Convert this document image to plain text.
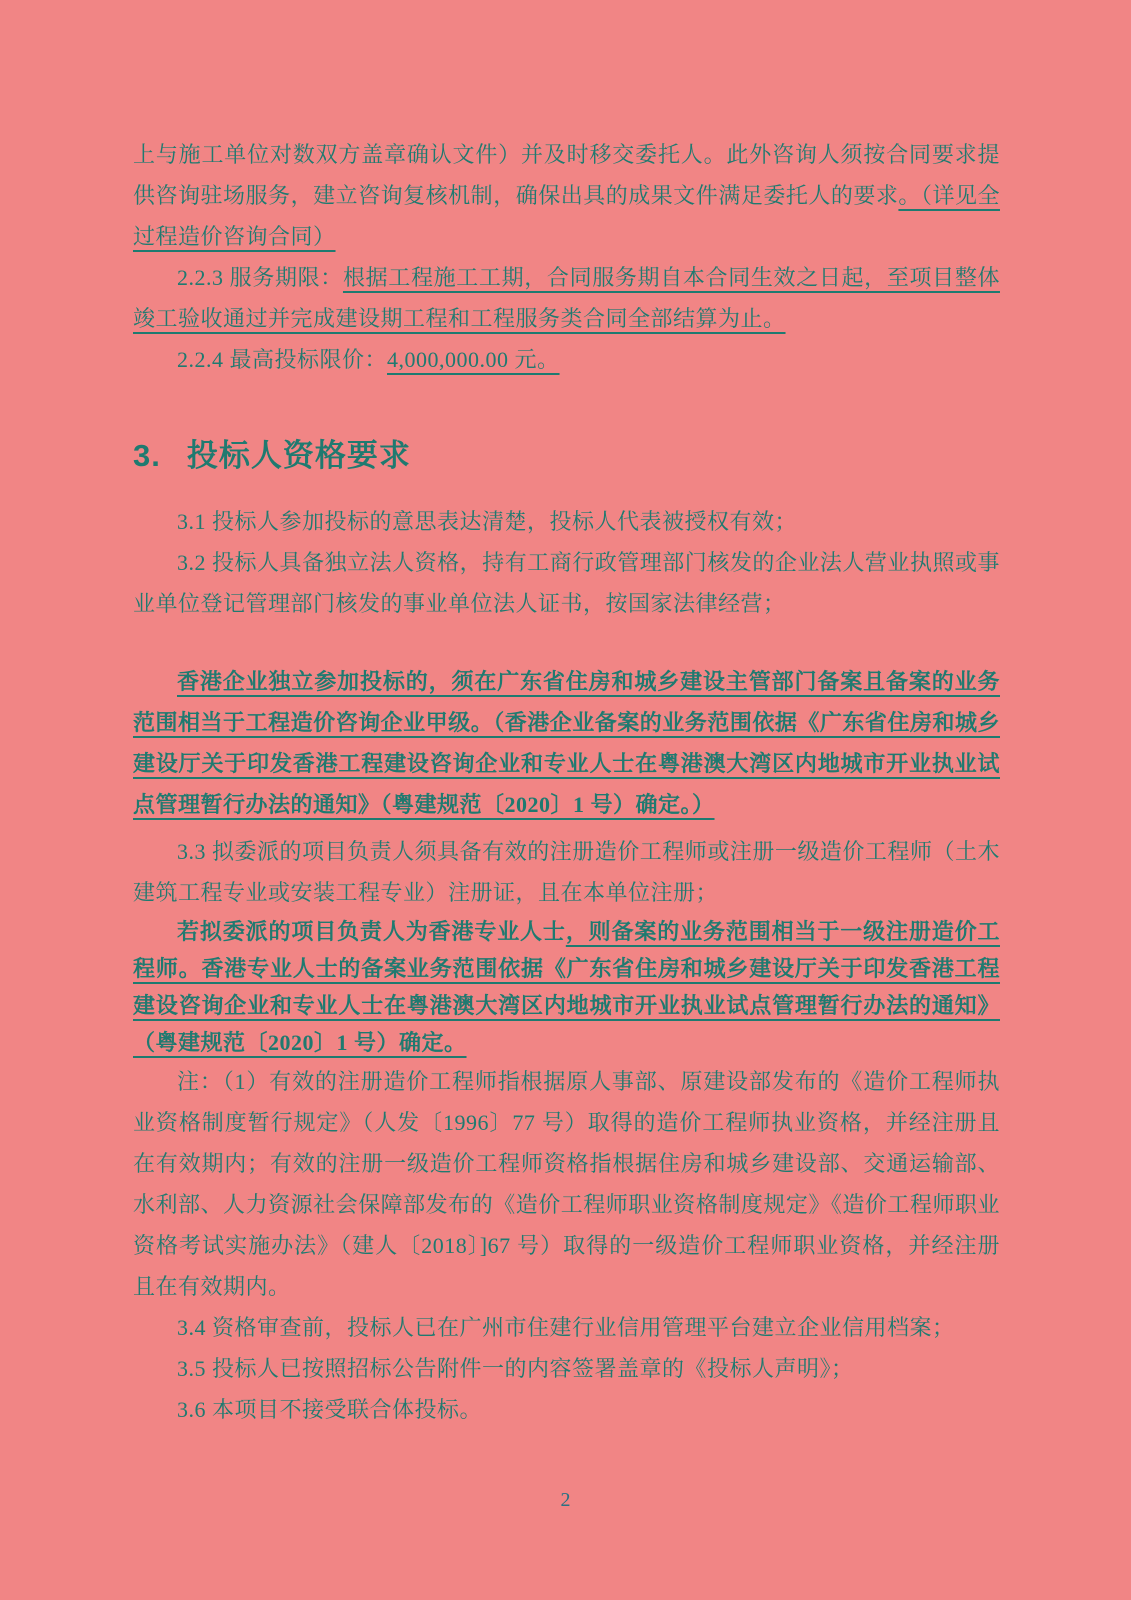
上与施工单位对数双方盖章确认文件）并及时移交委托人。此外咨询人须按合同要求提供咨询驻场服务，建立咨询复核机制，确保出具的成果文件满足委托人的要求。（详见全过程造价咨询合同）

2.2.3 服务期限：根据工程施工工期，合同服务期自本合同生效之日起，至项目整体竣工验收通过并完成建设期工程和工程服务类合同全部结算为止。

2.2.4 最高投标限价：4,000,000.00 元。

3. 投标人资格要求

3.1 投标人参加投标的意思表达清楚，投标人代表被授权有效；

3.2 投标人具备独立法人资格，持有工商行政管理部门核发的企业法人营业执照或事业单位登记管理部门核发的事业单位法人证书，按国家法律经营；

香港企业独立参加投标的，须在广东省住房和城乡建设主管部门备案且备案的业务范围相当于工程造价咨询企业甲级。（香港企业备案的业务范围依据《广东省住房和城乡建设厅关于印发香港工程建设咨询企业和专业人士在粤港澳大湾区内地城市开业执业试点管理暂行办法的通知》（粤建规范〔2020〕1 号）确定。）

3.3 拟委派的项目负责人须具备有效的注册造价工程师或注册一级造价工程师（土木建筑工程专业或安装工程专业）注册证，且在本单位注册；

若拟委派的项目负责人为香港专业人士，则备案的业务范围相当于一级注册造价工程师。香港专业人士的备案业务范围依据《广东省住房和城乡建设厅关于印发香港工程建设咨询企业和专业人士在粤港澳大湾区内地城市开业执业试点管理暂行办法的通知》（粤建规范〔2020〕1 号）确定。

注：（1）有效的注册造价工程师指根据原人事部、原建设部发布的《造价工程师执业资格制度暂行规定》（人发〔1996〕77 号）取得的造价工程师执业资格，并经注册且在有效期内；有效的注册一级造价工程师资格指根据住房和城乡建设部、交通运输部、水利部、人力资源社会保障部发布的《造价工程师职业资格制度规定》《造价工程师职业资格考试实施办法》（建人〔2018〕]67 号）取得的一级造价工程师职业资格，并经注册且在有效期内。

3.4 资格审查前，投标人已在广州市住建行业信用管理平台建立企业信用档案；

3.5 投标人已按照招标公告附件一的内容签署盖章的《投标人声明》；

3.6 本项目不接受联合体投标。

2
